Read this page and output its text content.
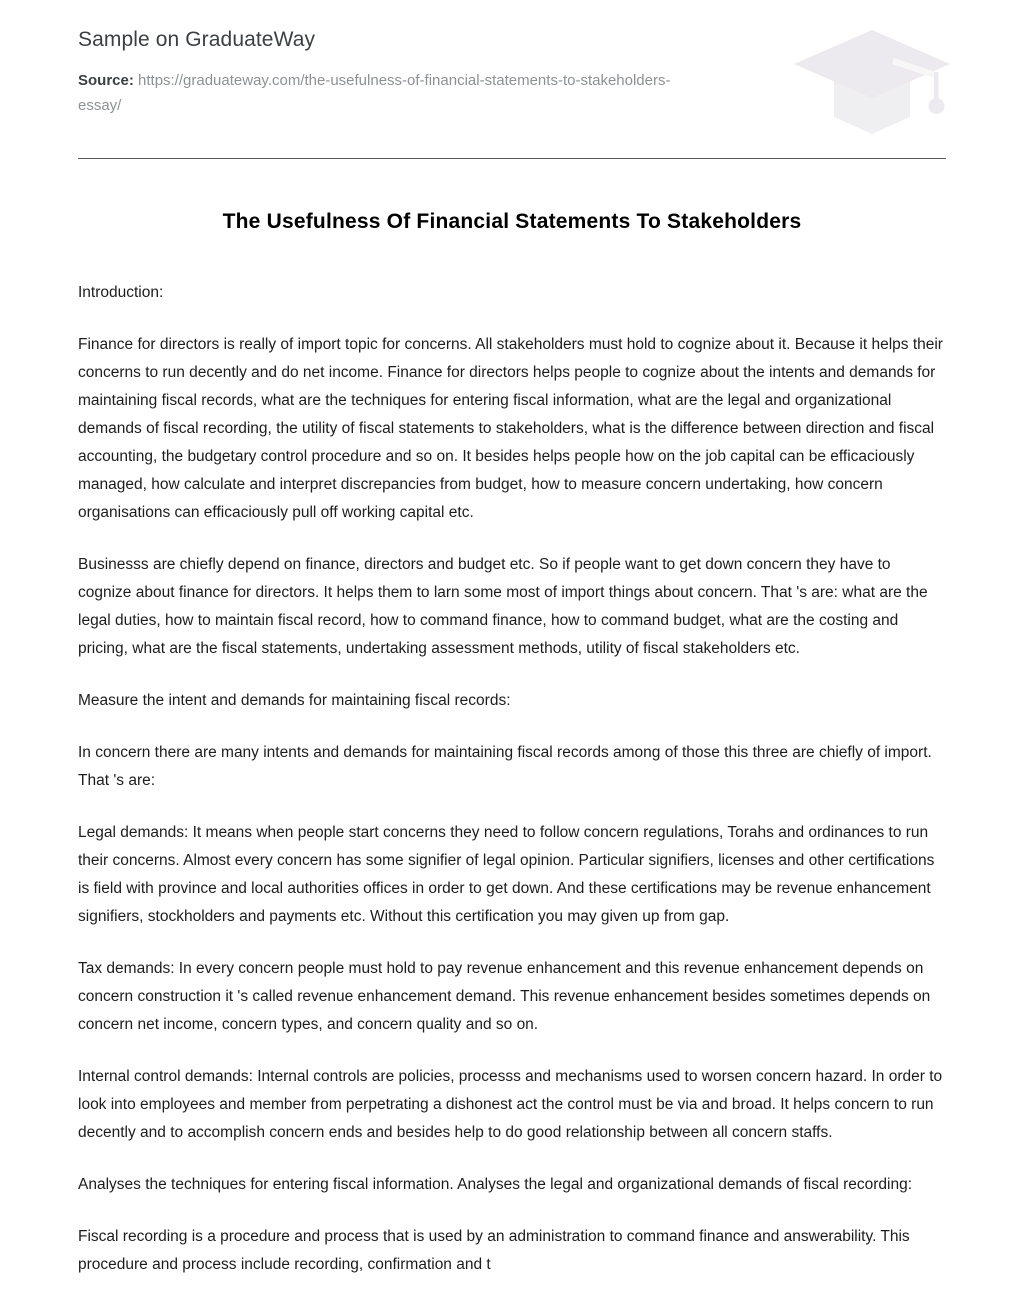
Sample on GraduateWay

Source: https://graduateway.com/the-usefulness-of-financial-statements-to-stakeholders-essay/

The Usefulness Of Financial Statements To Stakeholders

Introduction:

Finance for directors is really of import topic for concerns. All stakeholders must hold to cognize about it. Because it helps their concerns to run decently and do net income. Finance for directors helps people to cognize about the intents and demands for maintaining fiscal records, what are the techniques for entering fiscal information, what are the legal and organizational demands of fiscal recording, the utility of fiscal statements to stakeholders, what is the difference between direction and fiscal accounting, the budgetary control procedure and so on. It besides helps people how on the job capital can be efficaciously managed, how calculate and interpret discrepancies from budget, how to measure concern undertaking, how concern organisations can efficaciously pull off working capital etc.

Businesss are chiefly depend on finance, directors and budget etc. So if people want to get down concern they have to cognize about finance for directors. It helps them to larn some most of import things about concern. That 's are: what are the legal duties, how to maintain fiscal record, how to command finance, how to command budget, what are the costing and pricing, what are the fiscal statements, undertaking assessment methods, utility of fiscal stakeholders etc.

Measure the intent and demands for maintaining fiscal records:

In concern there are many intents and demands for maintaining fiscal records among of those this three are chiefly of import. That 's are:

Legal demands: It means when people start concerns they need to follow concern regulations, Torahs and ordinances to run their concerns. Almost every concern has some signifier of legal opinion. Particular signifiers, licenses and other certifications is field with province and local authorities offices in order to get down. And these certifications may be revenue enhancement signifiers, stockholders and payments etc. Without this certification you may given up from gap.

Tax demands: In every concern people must hold to pay revenue enhancement and this revenue enhancement depends on concern construction it 's called revenue enhancement demand. This revenue enhancement besides sometimes depends on concern net income, concern types, and concern quality and so on.

Internal control demands: Internal controls are policies, processs and mechanisms used to worsen concern hazard. In order to look into employees and member from perpetrating a dishonest act the control must be via and broad. It helps concern to run decently and to accomplish concern ends and besides help to do good relationship between all concern staffs.

Analyses the techniques for entering fiscal information. Analyses the legal and organizational demands of fiscal recording:

Fiscal recording is a procedure and process that is used by an administration to command finance and answerability. This procedure and process include recording, confirmation and t
